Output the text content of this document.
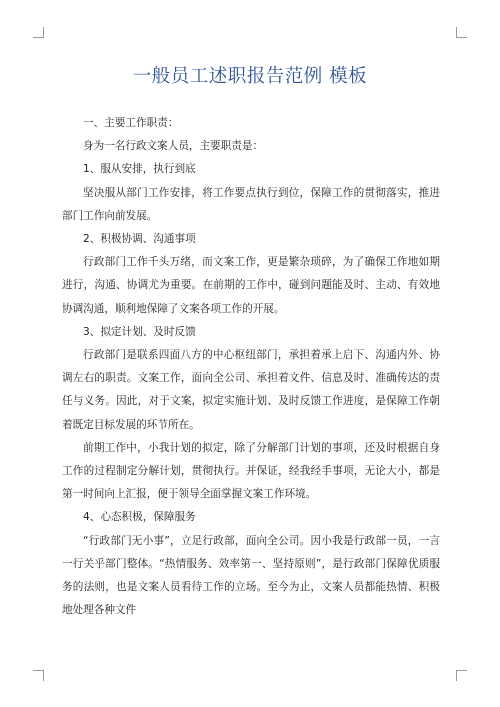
一般员工述职报告范例 模板

一、主要工作职责：

身为一名行政文案人员，主要职责是：

1、服从安排，执行到底

坚决服从部门工作安排，将工作要点执行到位，保障工作的贯彻落实，推进部门工作向前发展。

2、积极协调、沟通事项

行政部门工作千头万绪，而文案工作，更是繁杂琐碎，为了确保工作地如期进行，沟通、协调尤为重要。在前期的工作中，碰到问题能及时、主动、有效地协调沟通，顺利地保障了文案各项工作的开展。

3、拟定计划、及时反馈

行政部门是联系四面八方的中心枢纽部门，承担着承上启下、沟通内外、协调左右的职责。文案工作，面向全公司、承担着文件、信息及时、准确传达的责任与义务。因此，对于文案，拟定实施计划、及时反馈工作进度，是保障工作朝着既定目标发展的环节所在。

前期工作中，小我计划的拟定，除了分解部门计划的事项，还及时根据自身工作的过程制定分解计划，贯彻执行。并保证，经我经手事项，无论大小，都是第一时间向上汇报，便于领导全面掌握文案工作环境。

4、心态积极，保障服务

“行政部门无小事”，立足行政部，面向全公司。因小我是行政部一员，一言一行关乎部门整体。“热情服务、效率第一、坚持原则”，是行政部门保障优质服务的法则，也是文案人员看待工作的立场。至今为止，文案人员都能热情、积极地处理各种文件
